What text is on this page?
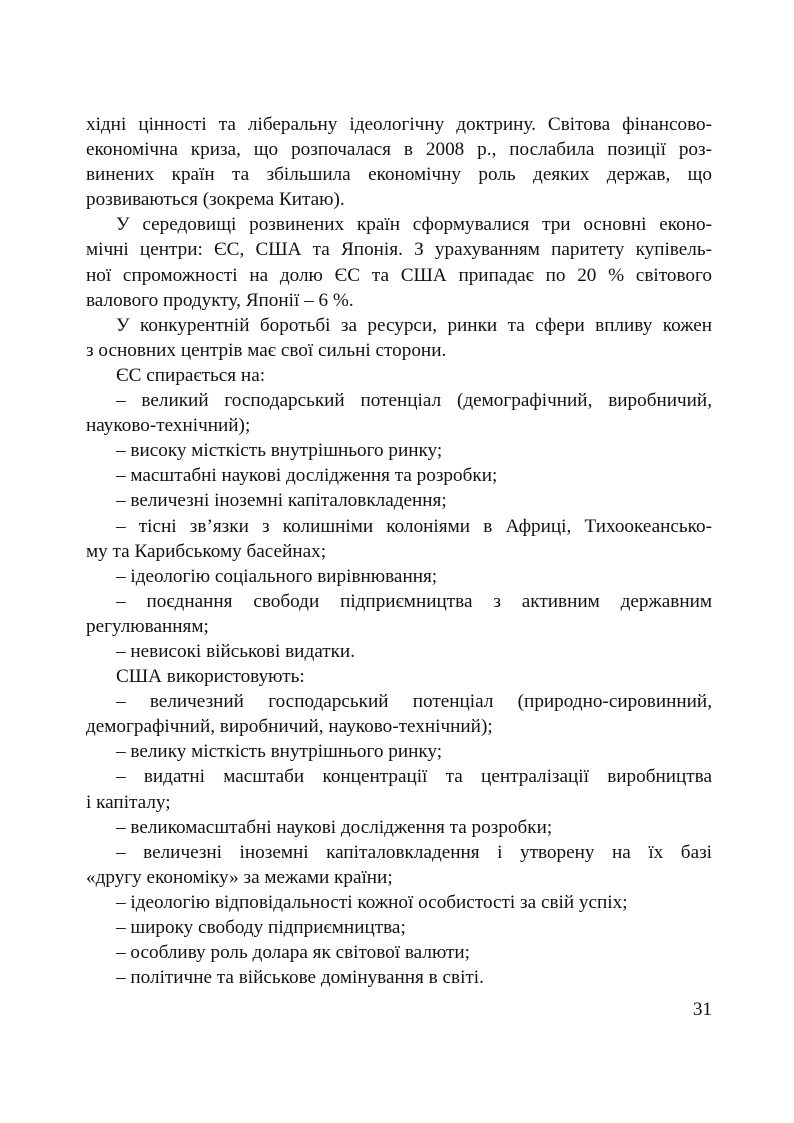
хідні цінності та ліберальну ідеологічну доктрину. Світова фінансово-
економічна криза, що розпочалася в 2008 р., послабила позиції роз-
винених країн та збільшила економічну роль деяких держав, що
розвиваються (зокрема Китаю).
У середовищі розвинених країн сформувалися три основні еконо-
мічні центри: ЄС, США та Японія. З урахуванням паритету купівель-
ної спроможності на долю ЄС та США припадає по 20 % світового
валового продукту, Японії – 6 %.
У конкурентній боротьбі за ресурси, ринки та сфери впливу кожен
з основних центрів має свої сильні сторони.
ЄС спирається на:
– великий господарський потенціал (демографічний, виробничий,
науково-технічний);
– високу місткість внутрішнього ринку;
– масштабні наукові дослідження та розробки;
– величезні іноземні капіталовкладення;
– тісні зв’язки з колишніми колоніями в Африці, Тихоокеансько-
му та Карибському басейнах;
– ідеологію соціального вирівнювання;
– поєднання свободи підприємництва з активним державним
регулюванням;
– невисокі військові видатки.
США використовують:
– величезний господарський потенціал (природно-сировинний,
демографічний, виробничий, науково-технічний);
– велику місткість внутрішнього ринку;
– видатні масштаби концентрації та централізації виробництва
і капіталу;
– великомасштабні наукові дослідження та розробки;
– величезні іноземні капіталовкладення і утворену на їх базі
«другу економіку» за межами країни;
– ідеологію відповідальності кожної особистості за свій успіх;
– широку свободу підприємництва;
– особливу роль долара як світової валюти;
– політичне та військове домінування в світі.
31
